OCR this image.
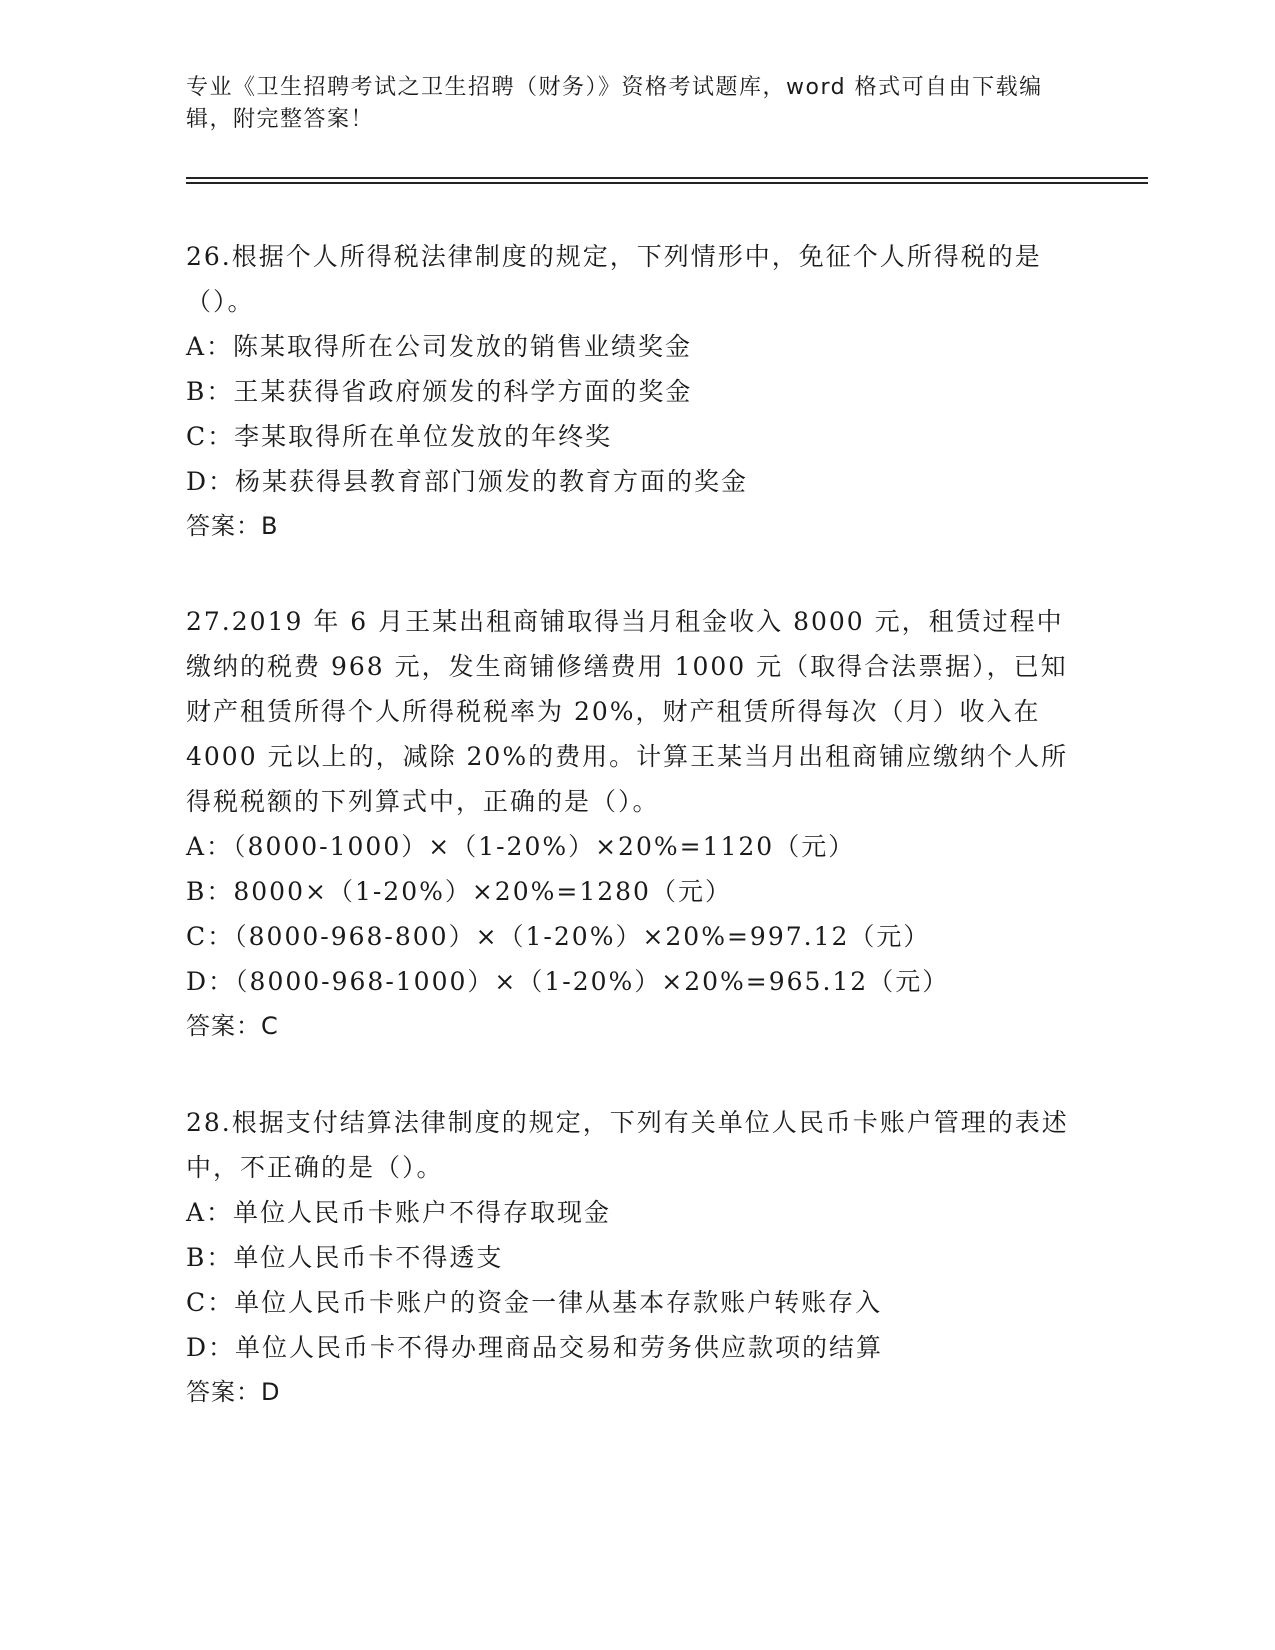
专业《卫生招聘考试之卫生招聘（财务）》资格考试题库，word 格式可自由下载编辑，附完整答案！
26.根据个人所得税法律制度的规定，下列情形中，免征个人所得税的是（）。
A：陈某取得所在公司发放的销售业绩奖金
B：王某获得省政府颁发的科学方面的奖金
C：李某取得所在单位发放的年终奖
D：杨某获得县教育部门颁发的教育方面的奖金
答案：B
27.2019 年 6 月王某出租商铺取得当月租金收入 8000 元，租赁过程中缴纳的税费 968 元，发生商铺修缮费用 1000 元（取得合法票据），已知财产租赁所得个人所得税税率为 20%，财产租赁所得每次（月）收入在 4000 元以上的，减除 20%的费用。计算王某当月出租商铺应缴纳个人所得税税额的下列算式中，正确的是（）。
A：（8000-1000）×（1-20%）×20%=1120（元）
B：8000×（1-20%）×20%=1280（元）
C：（8000-968-800）×（1-20%）×20%=997.12（元）
D：（8000-968-1000）×（1-20%）×20%=965.12（元）
答案：C
28.根据支付结算法律制度的规定，下列有关单位人民币卡账户管理的表述中，不正确的是（）。
A：单位人民币卡账户不得存取现金
B：单位人民币卡不得透支
C：单位人民币卡账户的资金一律从基本存款账户转账存入
D：单位人民币卡不得办理商品交易和劳务供应款项的结算
答案：D
